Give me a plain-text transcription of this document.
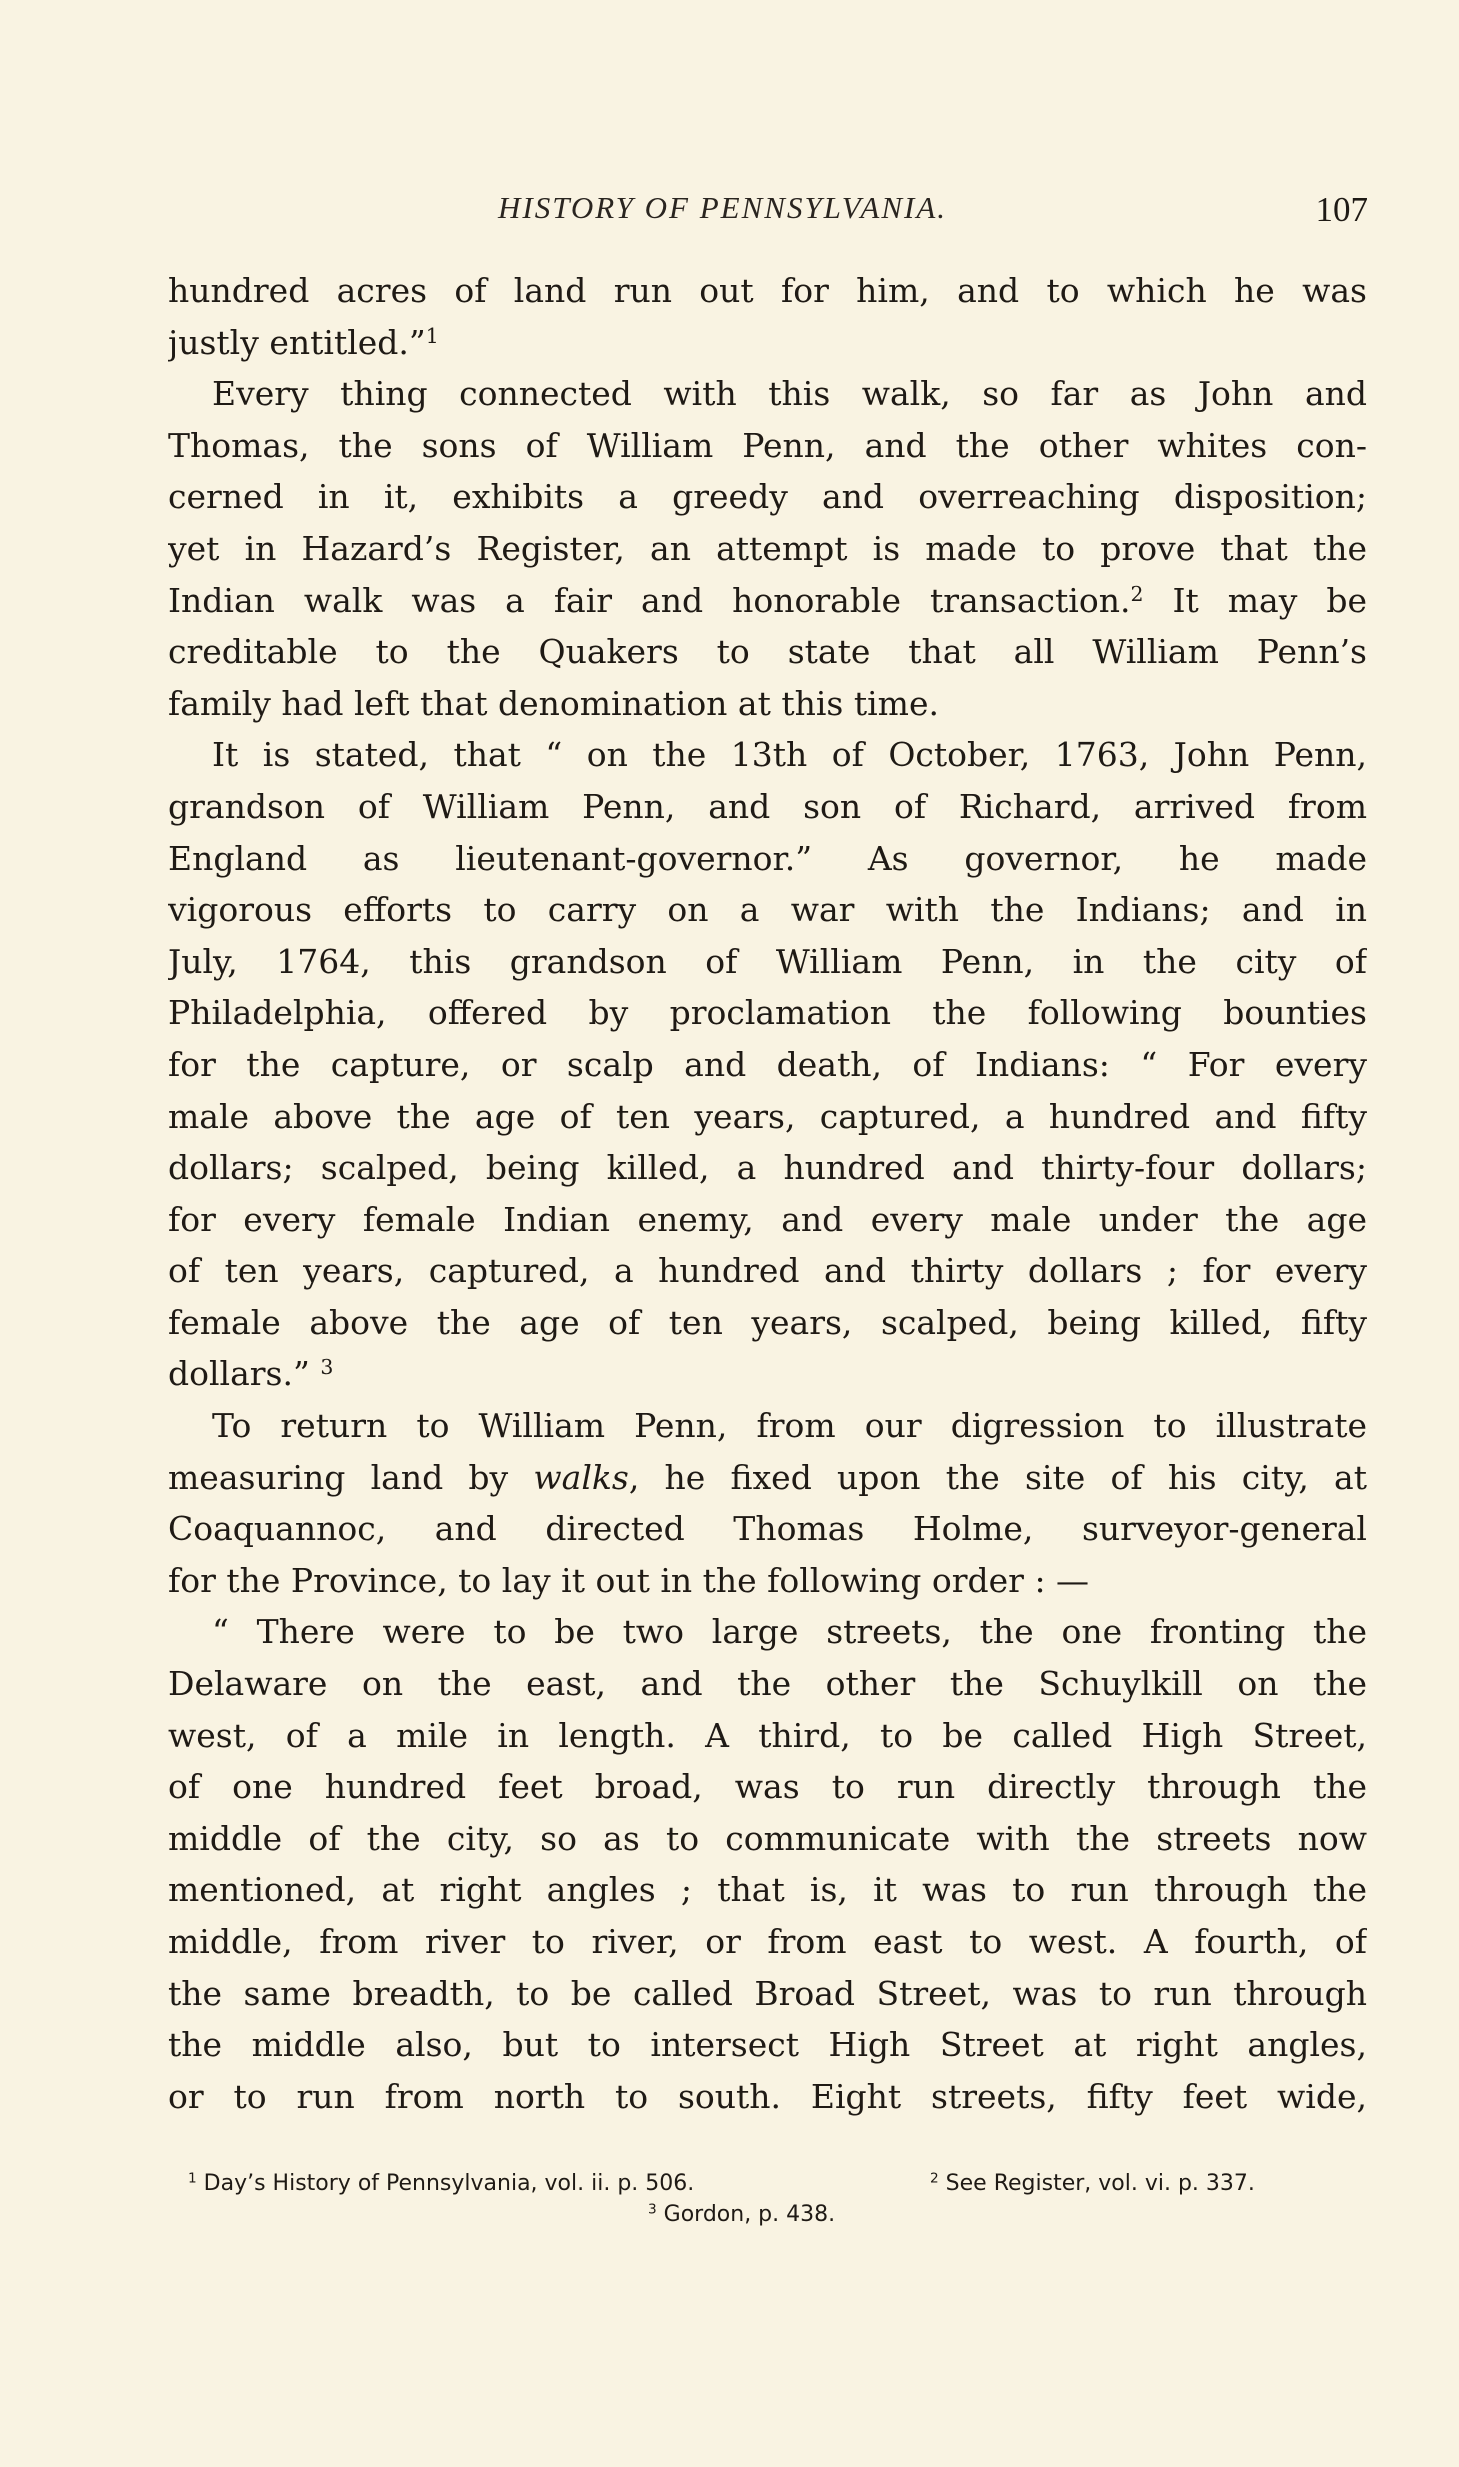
HISTORY OF PENNSYLVANIA.	107
hundred acres of land run out for him, and to which he was
justly entitled.”$^1$
Every thing connected with this walk, so far as John and
Thomas, the sons of William Penn, and the other whites con-
cerned in it, exhibits a greedy and overreaching disposition;
yet in Hazard’s Register, an attempt is made to prove that the
Indian walk was a fair and honorable transaction.$^2$ It may be
creditable to the Quakers to state that all William Penn’s
family had left that denomination at this time.
It is stated, that “ on the 13th of October, 1763, John Penn,
grandson of William Penn, and son of Richard, arrived from
England as lieutenant-governor.” As governor, he made
vigorous efforts to carry on a war with the Indians; and in
July, 1764, this grandson of William Penn, in the city of
Philadelphia, offered by proclamation the following bounties
for the capture, or scalp and death, of Indians: “ For every
male above the age of ten years, captured, a hundred and fifty
dollars; scalped, being killed, a hundred and thirty-four dollars;
for every female Indian enemy, and every male under the age
of ten years, captured, a hundred and thirty dollars ; for every
female above the age of ten years, scalped, being killed, fifty
dollars.” $^3$
To return to William Penn, from our digression to illustrate
measuring land by walks, he fixed upon the site of his city, at
Coaquannoc, and directed Thomas Holme, surveyor-general
for the Province, to lay it out in the following order : —
“ There were to be two large streets, the one fronting the
Delaware on the east, and the other the Schuylkill on the
west, of a mile in length. A third, to be called High Street,
of one hundred feet broad, was to run directly through the
middle of the city, so as to communicate with the streets now
mentioned, at right angles ; that is, it was to run through the
middle, from river to river, or from east to west. A fourth, of
the same breadth, to be called Broad Street, was to run through
the middle also, but to intersect High Street at right angles,
or to run from north to south. Eight streets, fifty feet wide,
$^1$ Day’s History of Pennsylvania, vol. ii. p. 506.	$^2$ See Register, vol. vi. p. 337.
$^3$ Gordon, p. 438.
